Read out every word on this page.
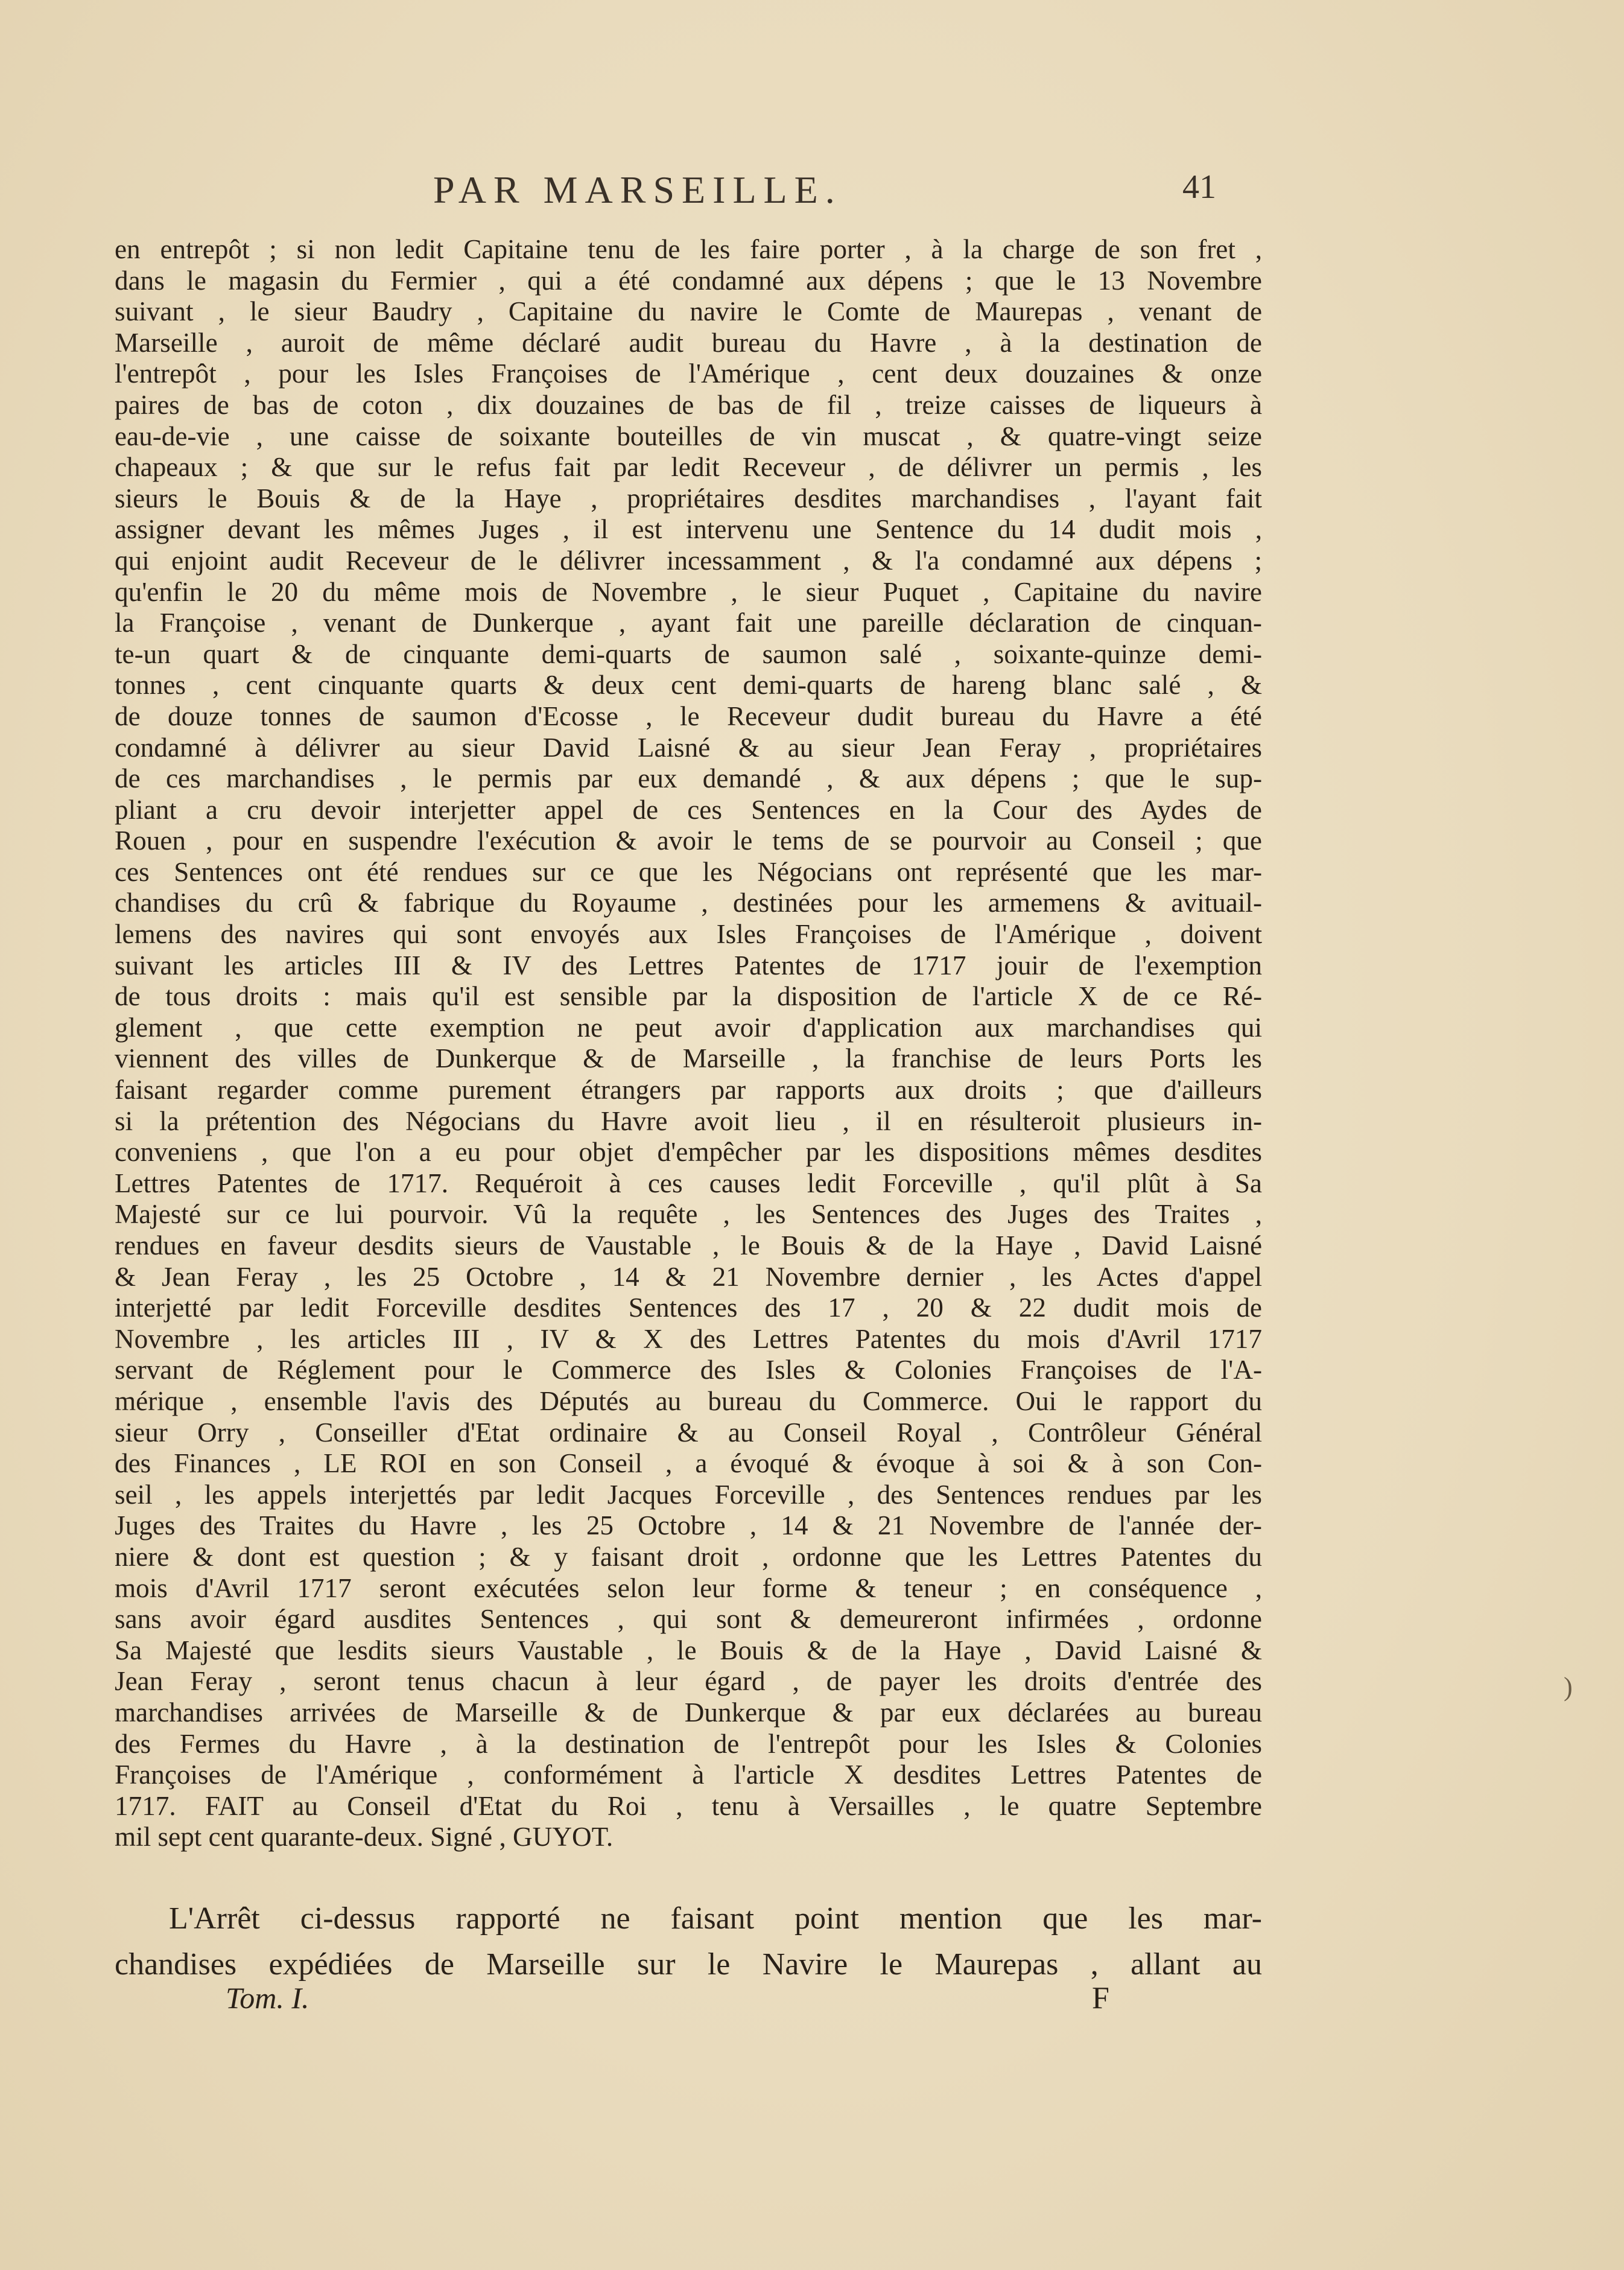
PAR MARSEILLE.	41
en entrepôt ; si non ledit Capitaine tenu de les faire porter , à la charge de son fret ,
dans le magasin du Fermier , qui a été condamné aux dépens ; que le 13 Novembre
suivant , le sieur Baudry , Capitaine du navire le Comte de Maurepas , venant de
Marseille , auroit de même déclaré audit bureau du Havre , à la destination de
l'entrepôt , pour les Isles Françoises de l'Amérique , cent deux douzaines & onze
paires de bas de coton , dix douzaines de bas de fil , treize caisses de liqueurs à
eau-de-vie , une caisse de soixante bouteilles de vin muscat , & quatre-vingt seize
chapeaux ; & que sur le refus fait par ledit Receveur , de délivrer un permis , les
sieurs le Bouis & de la Haye , propriétaires desdites marchandises , l'ayant fait
assigner devant les mêmes Juges , il est intervenu une Sentence du 14 dudit mois ,
qui enjoint audit Receveur de le délivrer incessamment , & l'a condamné aux dépens ;
qu'enfin le 20 du même mois de Novembre , le sieur Puquet , Capitaine du navire
la Françoise , venant de Dunkerque , ayant fait une pareille déclaration de cinquan-
te-un quart & de cinquante demi-quarts de saumon salé , soixante-quinze demi-
tonnes , cent cinquante quarts & deux cent demi-quarts de hareng blanc salé , &
de douze tonnes de saumon d'Ecosse , le Receveur dudit bureau du Havre a été
condamné à délivrer au sieur David Laisné & au sieur Jean Feray , propriétaires
de ces marchandises , le permis par eux demandé , & aux dépens ; que le sup-
pliant a cru devoir interjetter appel de ces Sentences en la Cour des Aydes de
Rouen , pour en suspendre l'exécution & avoir le tems de se pourvoir au Conseil ; que
ces Sentences ont été rendues sur ce que les Négocians ont représenté que les mar-
chandises du crû & fabrique du Royaume , destinées pour les armemens & avituail-
lemens des navires qui sont envoyés aux Isles Françoises de l'Amérique , doivent
suivant les articles III & IV des Lettres Patentes de 1717 jouir de l'exemption
de tous droits : mais qu'il est sensible par la disposition de l'article X de ce Ré-
glement , que cette exemption ne peut avoir d'application aux marchandises qui
viennent des villes de Dunkerque & de Marseille , la franchise de leurs Ports les
faisant regarder comme purement étrangers par rapports aux droits ; que d'ailleurs
si la prétention des Négocians du Havre avoit lieu , il en résulteroit plusieurs in-
conveniens , que l'on a eu pour objet d'empêcher par les dispositions mêmes desdites
Lettres Patentes de 1717. Requéroit à ces causes ledit Forceville , qu'il plût à Sa
Majesté sur ce lui pourvoir. Vû la requête , les Sentences des Juges des Traites ,
rendues en faveur desdits sieurs de Vaustable , le Bouis & de la Haye , David Laisné
& Jean Feray , les 25 Octobre , 14 & 21 Novembre dernier , les Actes d'appel
interjetté par ledit Forceville desdites Sentences des 17 , 20 & 22 dudit mois de
Novembre , les articles III , IV & X des Lettres Patentes du mois d'Avril 1717
servant de Réglement pour le Commerce des Isles & Colonies Françoises de l'A-
mérique , ensemble l'avis des Députés au bureau du Commerce. Oui le rapport du
sieur Orry , Conseiller d'Etat ordinaire & au Conseil Royal , Contrôleur Général
des Finances , LE ROI en son Conseil , a évoqué & évoque à soi & à son Con-
seil , les appels interjettés par ledit Jacques Forceville , des Sentences rendues par les
Juges des Traites du Havre , les 25 Octobre , 14 & 21 Novembre de l'année der-
niere & dont est question ; & y faisant droit , ordonne que les Lettres Patentes du
mois d'Avril 1717 seront exécutées selon leur forme & teneur ; en conséquence ,
sans avoir égard ausdites Sentences , qui sont & demeureront infirmées , ordonne
Sa Majesté que lesdits sieurs Vaustable , le Bouis & de la Haye , David Laisné &
Jean Feray , seront tenus chacun à leur égard , de payer les droits d'entrée des
marchandises arrivées de Marseille & de Dunkerque & par eux déclarées au bureau
des Fermes du Havre , à la destination de l'entrepôt pour les Isles & Colonies
Françoises de l'Amérique , conformément à l'article X desdites Lettres Patentes de
1717. FAIT au Conseil d'Etat du Roi , tenu à Versailles , le quatre Septembre
mil sept cent quarante-deux. Signé , GUYOT.
L'Arrêt ci-dessus rapporté ne faisant point mention que les mar-
chandises expédiées de Marseille sur le Navire le Maurepas , allant au
Tom. I.	F
)
